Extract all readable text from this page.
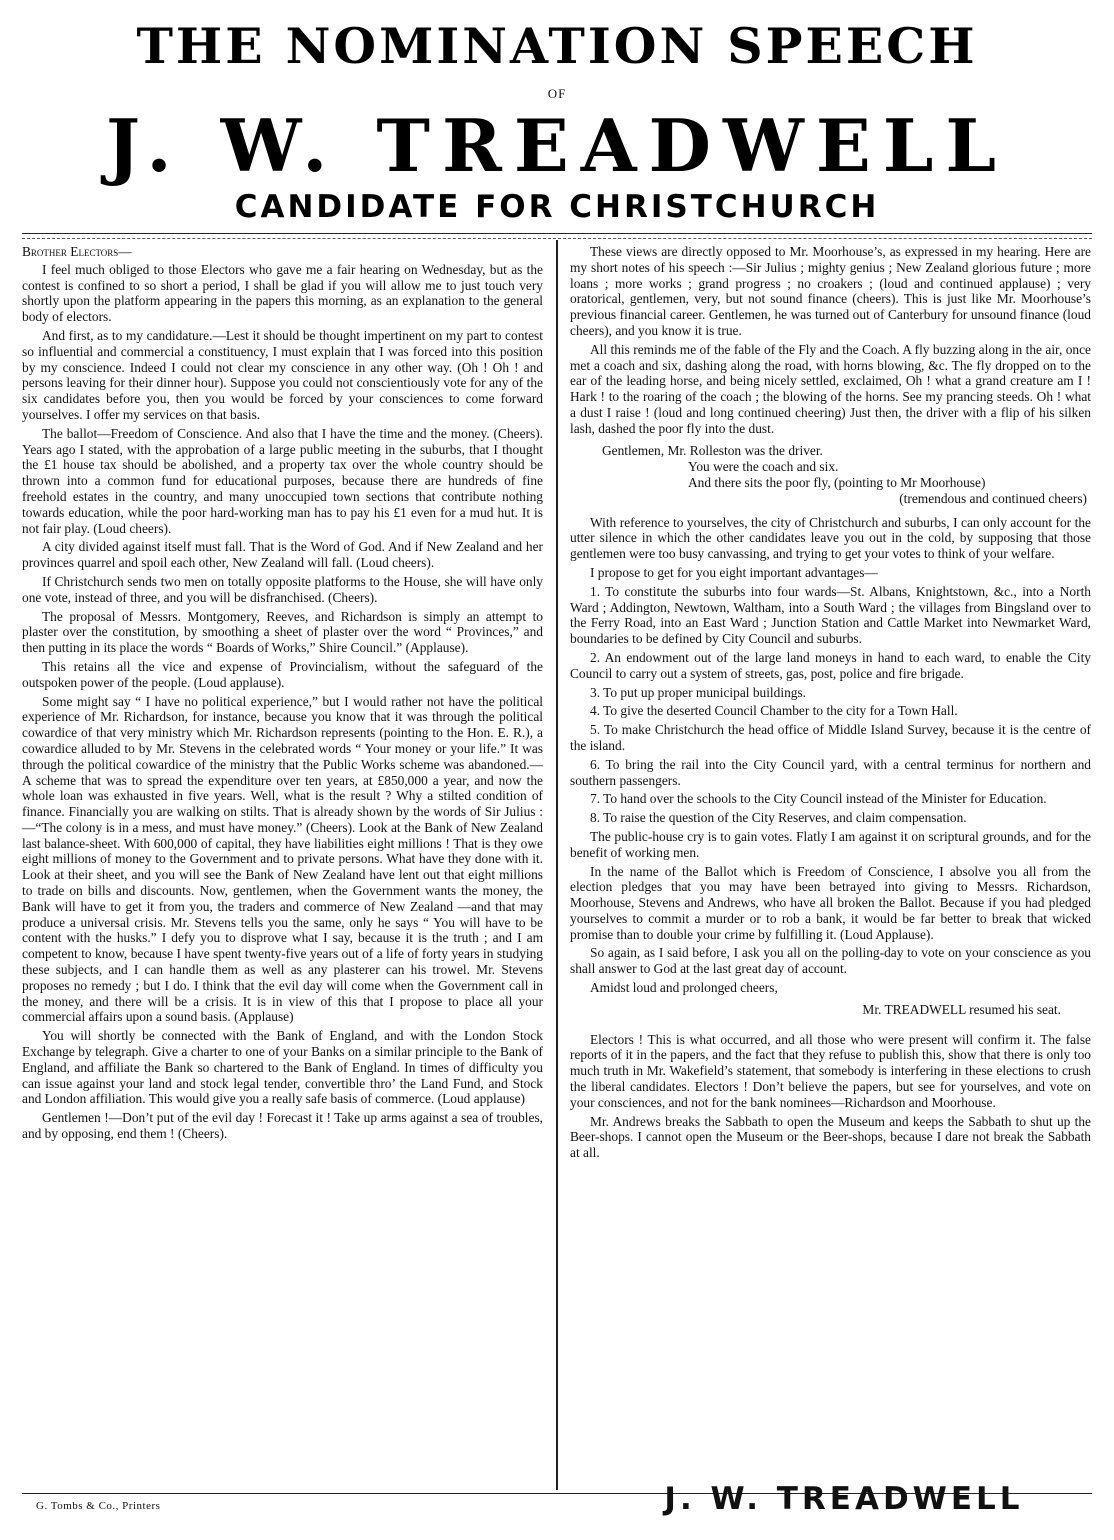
THE NOMINATION SPEECH
OF
J. W. TREADWELL
CANDIDATE FOR CHRISTCHURCH
Brother Electors—

I feel much obliged to those Electors who gave me a fair hearing on Wednesday, but as the contest is confined to so short a period, I shall be glad if you will allow me to just touch very shortly upon the platform appearing in the papers this morning, as an explanation to the general body of electors.

And first, as to my candidature.—Lest it should be thought impertinent on my part to contest so influential and commercial a constituency, I must explain that I was forced into this position by my conscience. Indeed I could not clear my conscience in any other way. (Oh ! Oh ! and persons leaving for their dinner hour). Suppose you could not conscientiously vote for any of the six candidates before you, then you would be forced by your consciences to come forward yourselves. I offer my services on that basis.

The ballot—Freedom of Conscience. And also that I have the time and the money. (Cheers). Years ago I stated, with the approbation of a large public meeting in the suburbs, that I thought the £1 house tax should be abolished, and a property tax over the whole country should be thrown into a common fund for educational purposes, because there are hundreds of fine freehold estates in the country, and many unoccupied town sections that contribute nothing towards education, while the poor hard-working man has to pay his £1 even for a mud hut. It is not fair play. (Loud cheers).

A city divided against itself must fall. That is the Word of God. And if New Zealand and her provinces quarrel and spoil each other, New Zealand will fall. (Loud cheers).

If Christchurch sends two men on totally opposite platforms to the House, she will have only one vote, instead of three, and you will be disfranchised. (Cheers).

The proposal of Messrs. Montgomery, Reeves, and Richardson is simply an attempt to plaster over the constitution, by smoothing a sheet of plaster over the word “ Provinces,” and then putting in its place the words “ Boards of Works,” Shire Council.” (Applause).

This retains all the vice and expense of Provincialism, without the safeguard of the outspoken power of the people. (Loud applause).

Some might say “ I have no political experience,” but I would rather not have the political experience of Mr. Richardson, for instance, because you know that it was through the political cowardice of that very ministry which Mr. Richardson represents (pointing to the Hon. E. R.), a cowardice alluded to by Mr. Stevens in the celebrated words “ Your money or your life.” It was through the political cowardice of the ministry that the Public Works scheme was abandoned.—A scheme that was to spread the expenditure over ten years, at £850,000 a year, and now the whole loan was exhausted in five years. Well, what is the result ? Why a stilted condition of finance. Financially you are walking on stilts. That is already shown by the words of Sir Julius :—“The colony is in a mess, and must have money.” (Cheers). Look at the Bank of New Zealand last balance-sheet. With 600,000 of capital, they have liabilities eight millions ! That is they owe eight millions of money to the Government and to private persons. What have they done with it. Look at their sheet, and you will see the Bank of New Zealand have lent out that eight millions to trade on bills and discounts. Now, gentlemen, when the Government wants the money, the Bank will have to get it from you, the traders and commerce of New Zealand —and that may produce a universal crisis. Mr. Stevens tells you the same, only he says “ You will have to be content with the husks.” I defy you to disprove what I say, because it is the truth ; and I am competent to know, because I have spent twenty-five years out of a life of forty years in studying these subjects, and I can handle them as well as any plasterer can his trowel. Mr. Stevens proposes no remedy ; but I do. I think that the evil day will come when the Government call in the money, and there will be a crisis. It is in view of this that I propose to place all your commercial affairs upon a sound basis. (Applause)

You will shortly be connected with the Bank of England, and with the London Stock Exchange by telegraph. Give a charter to one of your Banks on a similar principle to the Bank of England, and affiliate the Bank so chartered to the Bank of England. In times of difficulty you can issue against your land and stock legal tender, convertible thro’ the Land Fund, and Stock and London affiliation. This would give you a really safe basis of commerce. (Loud applause)

Gentlemen !—Don’t put of the evil day ! Forecast it ! Take up arms against a sea of troubles, and by opposing, end them ! (Cheers).

These views are directly opposed to Mr. Moorhouse’s, as expressed in my hearing. Here are my short notes of his speech :—Sir Julius ; mighty genius ; New Zealand glorious future ; more loans ; more works ; grand progress ; no croakers ; (loud and continued applause) ; very oratorical, gentlemen, very, but not sound finance (cheers). This is just like Mr. Moorhouse’s previous financial career. Gentlemen, he was turned out of Canterbury for unsound finance (loud cheers), and you know it is true.

All this reminds me of the fable of the Fly and the Coach. A fly buzzing along in the air, once met a coach and six, dashing along the road, with horns blowing, &c. The fly dropped on to the ear of the leading horse, and being nicely settled, exclaimed, Oh ! what a grand creature am I ! Hark ! to the roaring of the coach ; the blowing of the horns. See my prancing steeds. Oh ! what a dust I raise ! (loud and long continued cheering) Just then, the driver with a flip of his silken lash, dashed the poor fly into the dust.

Gentlemen, Mr. Rolleston was the driver.
You were the coach and six.
And there sits the poor fly, (pointing to Mr Moorhouse)
(tremendous and continued cheers)

With reference to yourselves, the city of Christchurch and suburbs, I can only account for the utter silence in which the other candidates leave you out in the cold, by supposing that those gentlemen were too busy canvassing, and trying to get your votes to think of your welfare.

I propose to get for you eight important advantages—

1. To constitute the suburbs into four wards—St. Albans, Knightstown, &c., into a North Ward ; Addington, Newtown, Waltham, into a South Ward ; the villages from Bingsland over to the Ferry Road, into an East Ward ; Junction Station and Cattle Market into Newmarket Ward, boundaries to be defined by City Council and suburbs.

2. An endowment out of the large land moneys in hand to each ward, to enable the City Council to carry out a system of streets, gas, post, police and fire brigade.

3. To put up proper municipal buildings.

4. To give the deserted Council Chamber to the city for a Town Hall.

5. To make Christchurch the head office of Middle Island Survey, because it is the centre of the island.

6. To bring the rail into the City Council yard, with a central terminus for northern and southern passengers.

7. To hand over the schools to the City Council instead of the Minister for Education.

8. To raise the question of the City Reserves, and claim compensation.

The public-house cry is to gain votes. Flatly I am against it on scriptural grounds, and for the benefit of working men.

In the name of the Ballot which is Freedom of Conscience, I absolve you all from the election pledges that you may have been betrayed into giving to Messrs. Richardson, Moorhouse, Stevens and Andrews, who have all broken the Ballot. Because if you had pledged yourselves to commit a murder or to rob a bank, it would be far better to break that wicked promise than to double your crime by fulfilling it. (Loud Applause).

So again, as I said before, I ask you all on the polling-day to vote on your conscience as you shall answer to God at the last great day of account.

Amidst loud and prolonged cheers,

Mr. TREADWELL resumed his seat.

Electors ! This is what occurred, and all those who were present will confirm it. The false reports of it in the papers, and the fact that they refuse to publish this, show that there is only too much truth in Mr. Wakefield’s statement, that somebody is interfering in these elections to crush the liberal candidates. Electors ! Don’t believe the papers, but see for yourselves, and vote on your consciences, and not for the bank nominees—Richardson and Moorhouse.

Mr. Andrews breaks the Sabbath to open the Museum and keeps the Sabbath to shut up the Beer-shops. I cannot open the Museum or the Beer-shops, because I dare not break the Sabbath at all.

G. Tombs & Co., Printers	J. W. TREADWELL
